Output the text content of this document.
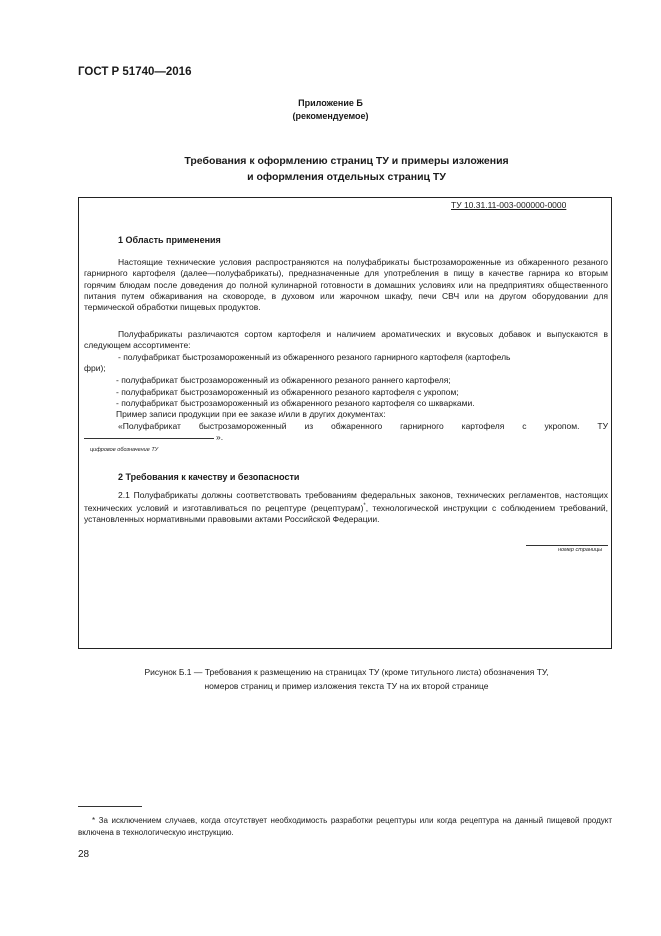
ГОСТ Р 51740—2016
Приложение Б
(рекомендуемое)
Требования к оформлению страниц ТУ и примеры изложения
и оформления отдельных страниц ТУ
ТУ 10.31.11-003-000000-0000
1 Область применения
Настоящие технические условия распространяются на полуфабрикаты быстрозамороженные из обжаренного резаного гарнирного картофеля (далее—полуфабрикаты), предназначенные для употребления в пищу в качестве гарнира ко вторым горячим блюдам после доведения до полной кулинарной готовности в домашних условиях или на предприятиях общественного питания путем обжаривания на сковороде, в духовом или жарочном шкафу, печи СВЧ или на другом оборудовании для термической обработки пищевых продуктов.
Полуфабрикаты различаются сортом картофеля и наличием ароматических и вкусовых добавок и выпускаются в следующем ассортименте:
- полуфабрикат быстрозамороженный из обжаренного резаного гарнирного картофеля (картофель
фри);
- полуфабрикат быстрозамороженный из обжаренного резаного раннего картофеля;
- полуфабрикат быстрозамороженный из обжаренного резаного картофеля с укропом;
- полуфабрикат быстрозамороженный из обжаренного резаного картофеля со шкварками.
Пример записи продукции при ее заказе и/или в других документах:
«Полуфабрикат быстрозамороженный из обжаренного гарнирного картофеля с укропом. ТУ
».
цифровое обозначение ТУ
2 Требования к качеству и безопасности
2.1 Полуфабрикаты должны соответствовать требованиям федеральных законов, технических регламентов, настоящих технических условий и изготавливаться по рецептуре (рецептурам)*, технологической инструкции с соблюдением требований, установленных нормативными правовыми актами Российской Федерации.
номер страницы
Рисунок Б.1 — Требования к размещению на страницах ТУ (кроме титульного листа) обозначения ТУ,
номеров страниц и пример изложения текста ТУ на их второй странице
* За исключением случаев, когда отсутствует необходимость разработки рецептуры или когда рецептура на данный пищевой продукт включена в технологическую инструкцию.
28
